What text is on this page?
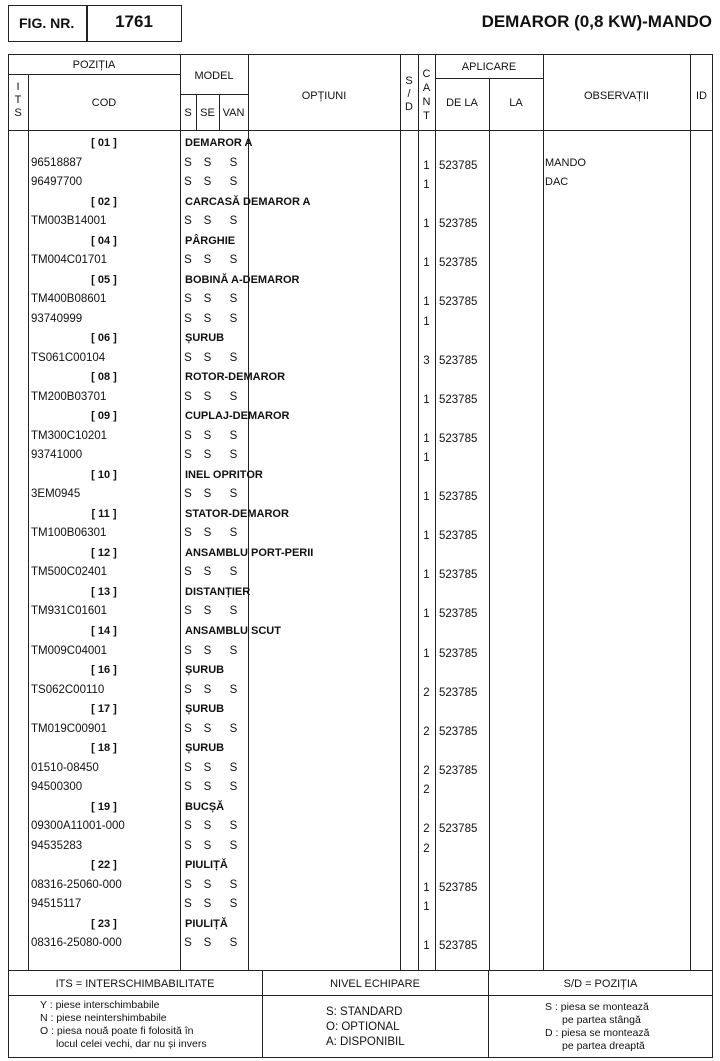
FIG. NR.	1761	DEMAROR (0,8 KW)-MANDO
POZIȚIA
I
T
S
COD
MODEL
S SE VAN
OPȚIUNI
S
/
D
C
A
N
T
APLICARE
DE LA	LA
OBSERVAȚII	ID
[ 01 ]	DEMAROR A
96518887	S	S	S	1 523785	MANDO
96497700	S	S	S	1	DAC
[ 02 ]	CARCASĂ DEMAROR A
TM003B14001	S	S	S	1 523785
[ 04 ]	PÂRGHIE
TM004C01701	S	S	S	1 523785
[ 05 ]	BOBINĂ A-DEMAROR
TM400B08601	S	S	S	1 523785
93740999	S	S	S	1
[ 06 ]	ȘURUB
TS061C00104	S	S	S	3 523785
[ 08 ]	ROTOR-DEMAROR
TM200B03701	S	S	S	1 523785
[ 09 ]	CUPLAJ-DEMAROR
TM300C10201	S	S	S	1 523785
93741000	S	S	S	1
[ 10 ]	INEL OPRITOR
3EM0945	S	S	S	1 523785
[ 11 ]	STATOR-DEMAROR
TM100B06301	S	S	S	1 523785
[ 12 ]	ANSAMBLU PORT-PERII
TM500C02401	S	S	S	1 523785
[ 13 ]	DISTANȚIER
TM931C01601	S	S	S	1 523785
[ 14 ]	ANSAMBLU SCUT
TM009C04001	S	S	S	1 523785
[ 16 ]	ȘURUB
TS062C00110	S	S	S	2 523785
[ 17 ]	ȘURUB
TM019C00901	S	S	S	2 523785
[ 18 ]	ȘURUB
01510-08450	S	S	S	2 523785
94500300	S	S	S	2
[ 19 ]	BUCȘĂ
09300A11001-000	S	S	S	2 523785
94535283	S	S	S	2
[ 22 ]	PIULIȚĂ
08316-25060-000	S	S	S	1 523785
94515117	S	S	S	1
[ 23 ]	PIULIȚĂ
08316-25080-000	S	S	S	1 523785
ITS = INTERSCHIMBABILITATE	NIVEL ECHIPARE	S/D = POZIȚIA
Y : piese interschimbabile
N : piese neintershimbabile
O : piesa nouă poate fi folosită în
locul celei vechi, dar nu și invers
S: STANDARD
O: OPTIONAL
A: DISPONIBIL
S : piesa se montează
pe partea stângă
D : piesa se montează
pe partea dreaptă
